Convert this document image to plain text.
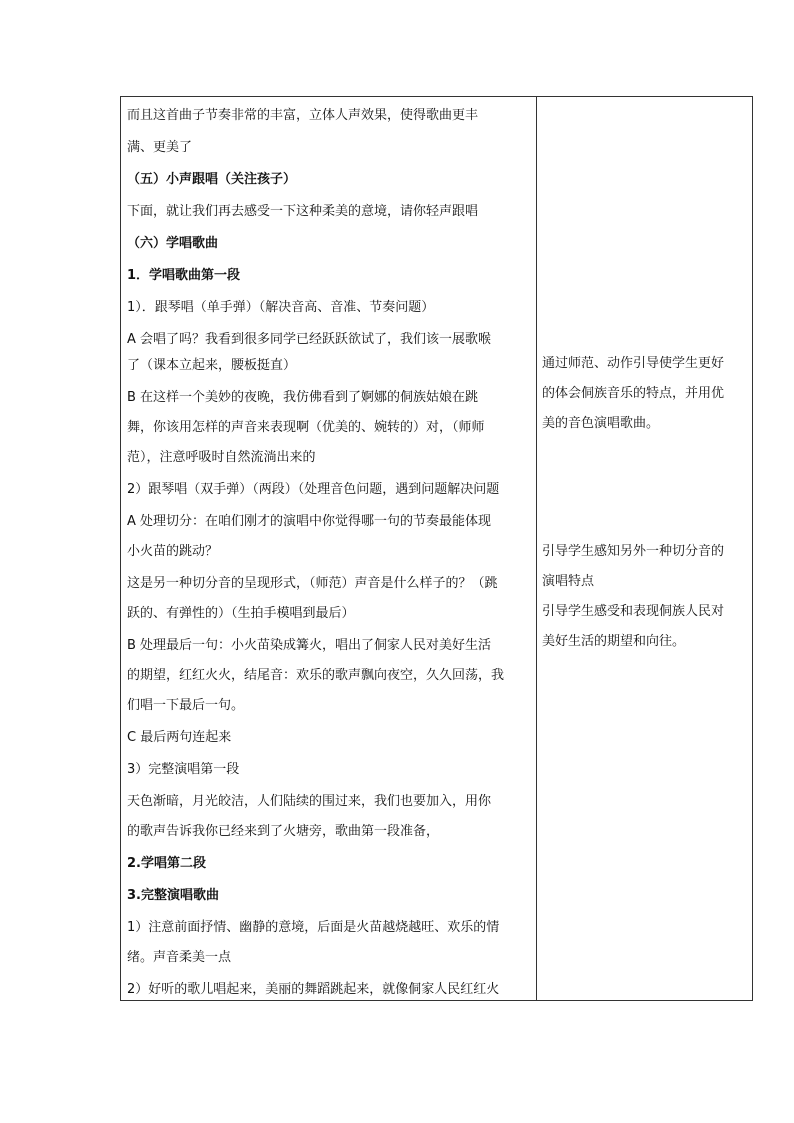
而且这首曲子节奏非常的丰富，立体人声效果，使得歌曲更丰
满、更美了
（五）小声跟唱（关注孩子）
下面，就让我们再去感受一下这种柔美的意境，请你轻声跟唱
（六）学唱歌曲
1．学唱歌曲第一段
1）．跟琴唱（单手弹）（解决音高、音准、节奏问题）
A 会唱了吗？我看到很多同学已经跃跃欲试了，我们该一展歌喉
了（课本立起来，腰板挺直）
B 在这样一个美妙的夜晚，我仿佛看到了婀娜的侗族姑娘在跳
舞，你该用怎样的声音来表现啊（优美的、婉转的）对，（师师
范），注意呼吸时自然流淌出来的
2）跟琴唱（双手弹）（两段）（处理音色问题，遇到问题解决问题
A 处理切分：在咱们刚才的演唱中你觉得哪一句的节奏最能体现
小火苗的跳动？
这是另一种切分音的呈现形式，（师范）声音是什么样子的？（跳
跃的、有弹性的）（生拍手模唱到最后）
B 处理最后一句：小火苗染成篝火，唱出了侗家人民对美好生活
的期望，红红火火，结尾音：欢乐的歌声飘向夜空，久久回荡，我
们唱一下最后一句。
C 最后两句连起来
3）完整演唱第一段
天色渐暗，月光皎洁，人们陆续的围过来，我们也要加入，用你
的歌声告诉我你已经来到了火塘旁，歌曲第一段准备，
2.学唱第二段
3.完整演唱歌曲
1）注意前面抒情、幽静的意境，后面是火苗越烧越旺、欢乐的情
绪。声音柔美一点
2）好听的歌儿唱起来，美丽的舞蹈跳起来，就像侗家人民红红火
通过师范、动作引导使学生更好
的体会侗族音乐的特点，并用优
美的音色演唱歌曲。
引导学生感知另外一种切分音的
演唱特点
引导学生感受和表现侗族人民对
美好生活的期望和向往。
